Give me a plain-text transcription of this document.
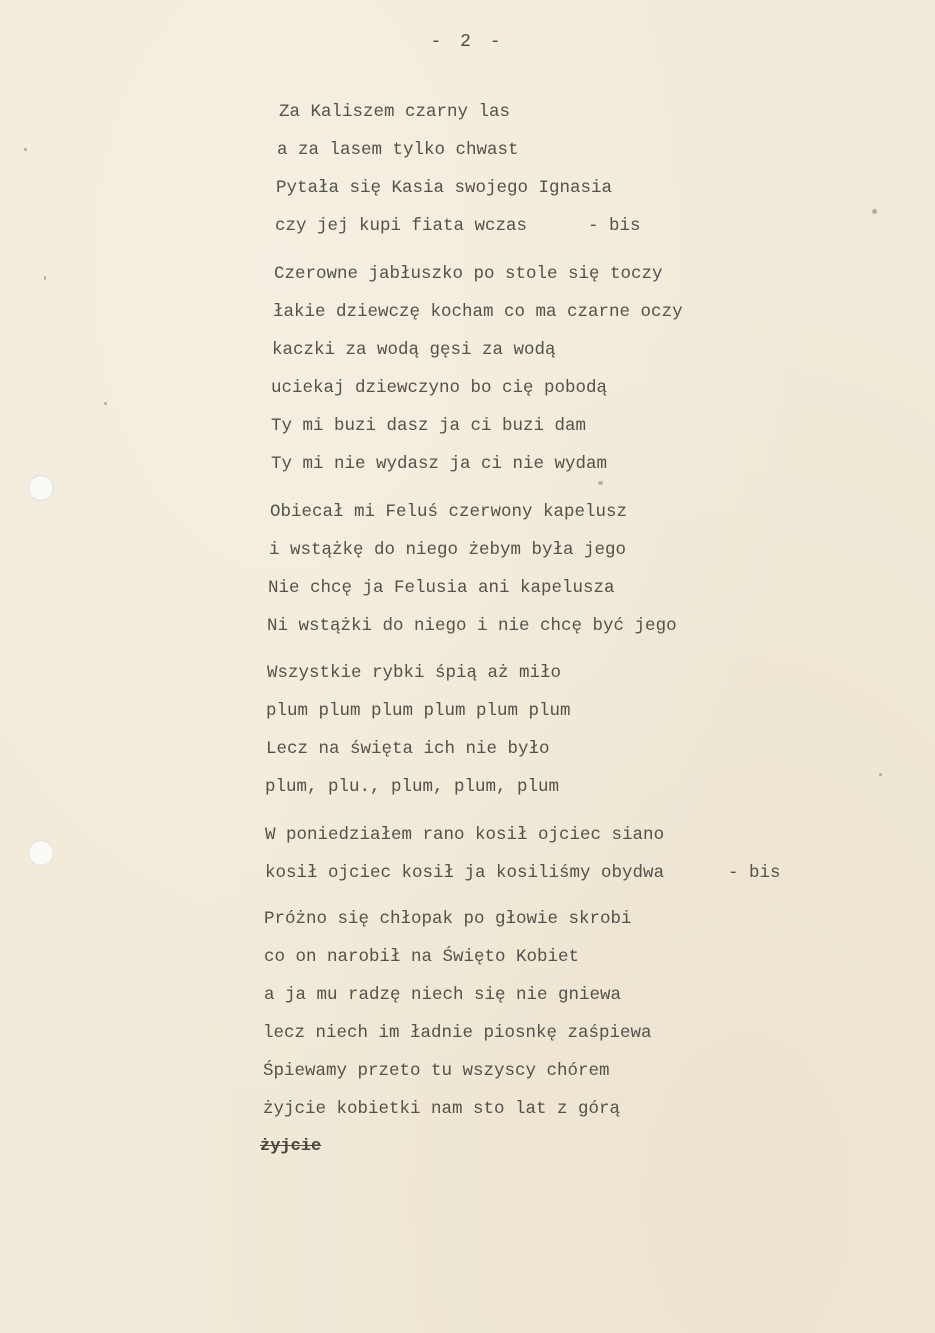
- 2 -
Za Kaliszem czarny las
a za lasem tylko chwast
Pytała się Kasia swojego Ignasia
czy jej kupi fiata wczas	- bis
Czerowne jabłuszko po stole się toczy
łakie dziewczę kocham co ma czarne oczy
kaczki za wodą gęsi za wodą
uciekaj dziewczyno bo cię pobodą
Ty mi buzi dasz ja ci buzi dam
Ty mi nie wydasz ja ci nie wydam
Obiecał mi Feluś czerwony kapelusz
i wstążkę do niego żebym była jego
Nie chcę ja Felusia ani kapelusza
Ni wstążki do niego i nie chcę być jego
Wszystkie rybki śpią aż miło
plum plum plum plum plum plum
Lecz na święta ich nie było
plum, plu., plum, plum, plum
W poniedziałem rano kosił ojciec siano
kosił ojciec kosił ja kosiliśmy obydwa	- bis
Próżno się chłopak po głowie skrobi
co on narobił na Święto Kobiet
a ja mu radzę niech się nie gniewa
lecz niech im ładnie piosnkę zaśpiewa
Śpiewamy przeto tu wszyscy chórem
żyjcie kobietki nam sto lat z górą
żyjcie
